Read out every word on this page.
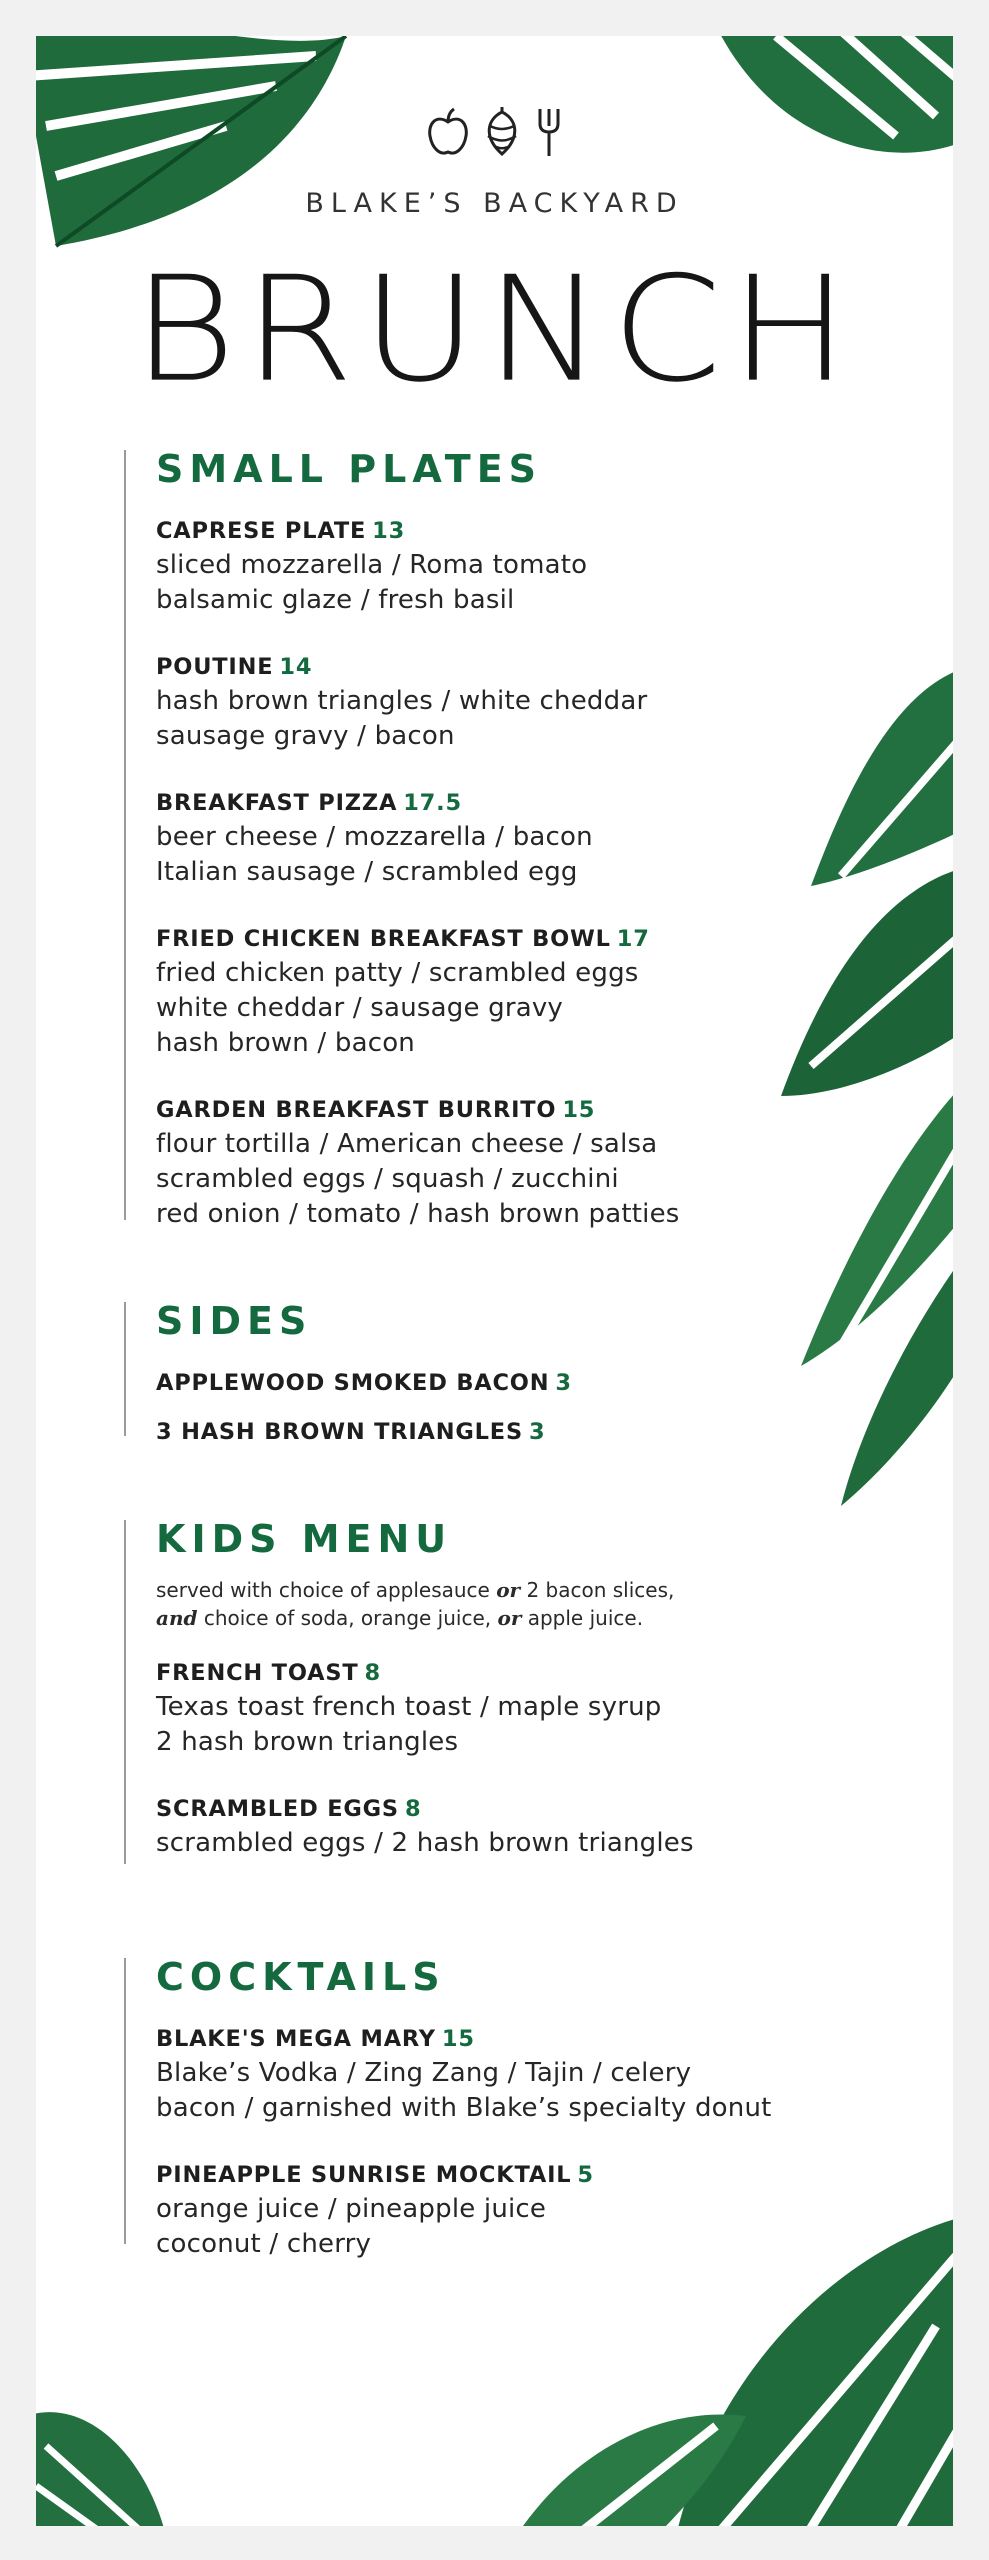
BLAKE’S BACKYARD
BRUNCH
SMALL PLATES
CAPRESE PLATE 13
sliced mozzarella / Roma tomato
balsamic glaze / fresh basil
POUTINE 14
hash brown triangles / white cheddar
sausage gravy / bacon
BREAKFAST PIZZA 17.5
beer cheese / mozzarella / bacon
Italian sausage / scrambled egg
FRIED CHICKEN BREAKFAST BOWL 17
fried chicken patty / scrambled eggs
white cheddar / sausage gravy
hash brown / bacon
GARDEN BREAKFAST BURRITO 15
flour tortilla / American cheese / salsa
scrambled eggs / squash / zucchini
red onion / tomato / hash brown patties
SIDES
APPLEWOOD SMOKED BACON 3
3 HASH BROWN TRIANGLES 3
KIDS MENU
served with choice of applesauce or 2 bacon slices,
and choice of soda, orange juice, or apple juice.
FRENCH TOAST 8
Texas toast french toast / maple syrup
2 hash brown triangles
SCRAMBLED EGGS 8
scrambled eggs / 2 hash brown triangles
COCKTAILS
BLAKE'S MEGA MARY 15
Blake’s Vodka / Zing Zang / Tajin / celery
bacon / garnished with Blake’s specialty donut
PINEAPPLE SUNRISE MOCKTAIL 5
orange juice / pineapple juice
coconut / cherry
